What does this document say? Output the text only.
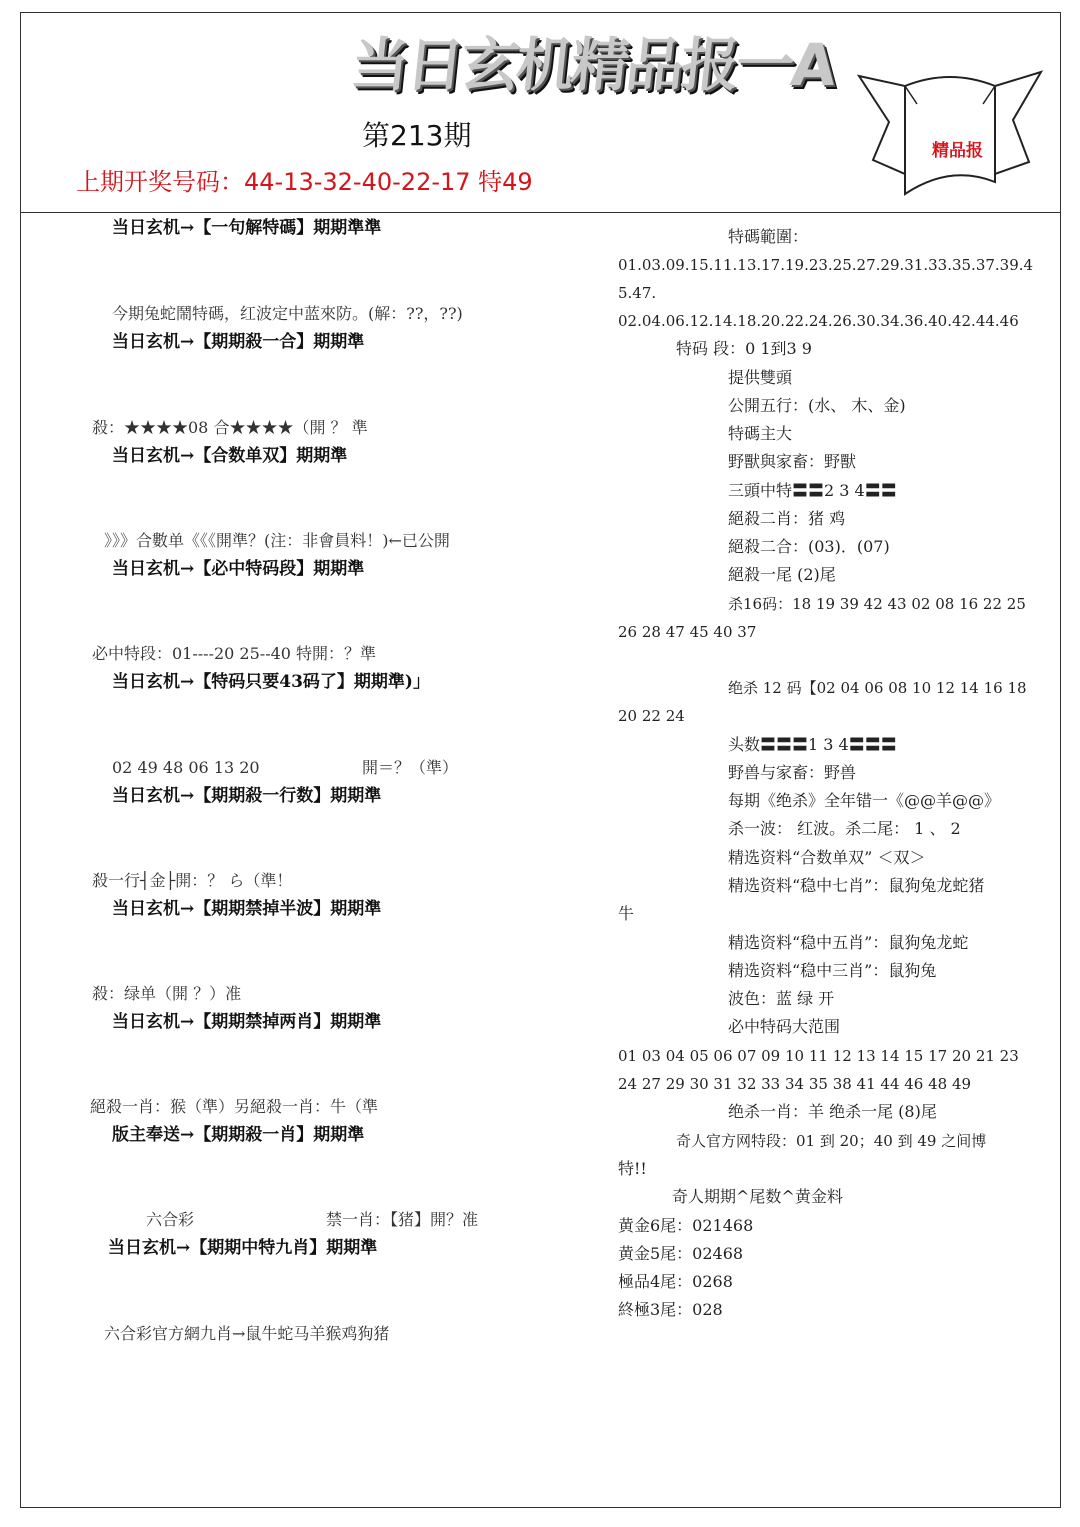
当日玄机精品报一A
第213期
上期开奖号码：44-13-32-40-22-17 特49
精品报
当日玄机→【一句解特碼】期期準準
今期兔蛇鬧特碼，红波定中蓝來防。(解：??，??)
当日玄机→【期期殺一合】期期準
殺：★★★★08 合★★★★（開 ？ 準
当日玄机→【合数单双】期期準
》》》合數单《《《開準？(注：非會員料！)←已公開
当日玄机→【必中特码段】期期準
必中特段：01----20 25--40 特開：？準
当日玄机→【特码只要43码了】期期準)」
02 49 48 06 13 20	開＝？（準）
当日玄机→【期期殺一行数】期期準
殺一行┤金├開：？ ら（準！
当日玄机→【期期禁掉半波】期期準
殺：绿单（開 ？）准
当日玄机→【期期禁掉两肖】期期準
絕殺一肖：猴（準）另絕殺一肖：牛（準
版主奉送→【期期殺一肖】期期準
六合彩	禁一肖：【猪】開？准
当日玄机→【期期中特九肖】期期準
六合彩官方網九肖→鼠牛蛇马羊猴鸡狗猪
特碼範圍：
01.03.09.15.11.13.17.19.23.25.27.29.31.33.35.37.39.4
5.47.
02.04.06.12.14.18.20.22.24.26.30.34.36.40.42.44.46
特码 段：0 1到3 9
提供雙頭
公開五行：(水、 木、金)
特碼主大
野獸與家畜：野獸
三頭中特〓〓2 3 4〓〓
絕殺二肖：猪 鸡
絕殺二合：(03)．(07)
絕殺一尾 (2)尾
杀16码：18 19 39 42 43 02 08 16 22 25
26 28 47 45 40 37
绝杀 12 码【02 04 06 08 10 12 14 16 18
20 22 24
头数〓〓〓1 3 4〓〓〓
野兽与家畜：野兽
每期《绝杀》全年错一《@@羊@@》
杀一波： 红波。杀二尾： 1 、 2
精选资料“合数单双” ＜双＞
精选资料“稳中七肖”：鼠狗兔龙蛇猪
牛
精选资料“稳中五肖”：鼠狗兔龙蛇
精选资料“稳中三肖”：鼠狗兔
波色：蓝 绿 开
必中特码大范围
01 03 04 05 06 07 09 10 11 12 13 14 15 17 20 21 23
24 27 29 30 31 32 33 34 35 38 41 44 46 48 49
绝杀一肖：羊 绝杀一尾 (8)尾
奇人官方网特段：01 到 20；40 到 49 之间博
特!!
奇人期期^尾数^黄金料
黄金6尾：021468
黄金5尾：02468
極品4尾：0268
終極3尾：028
